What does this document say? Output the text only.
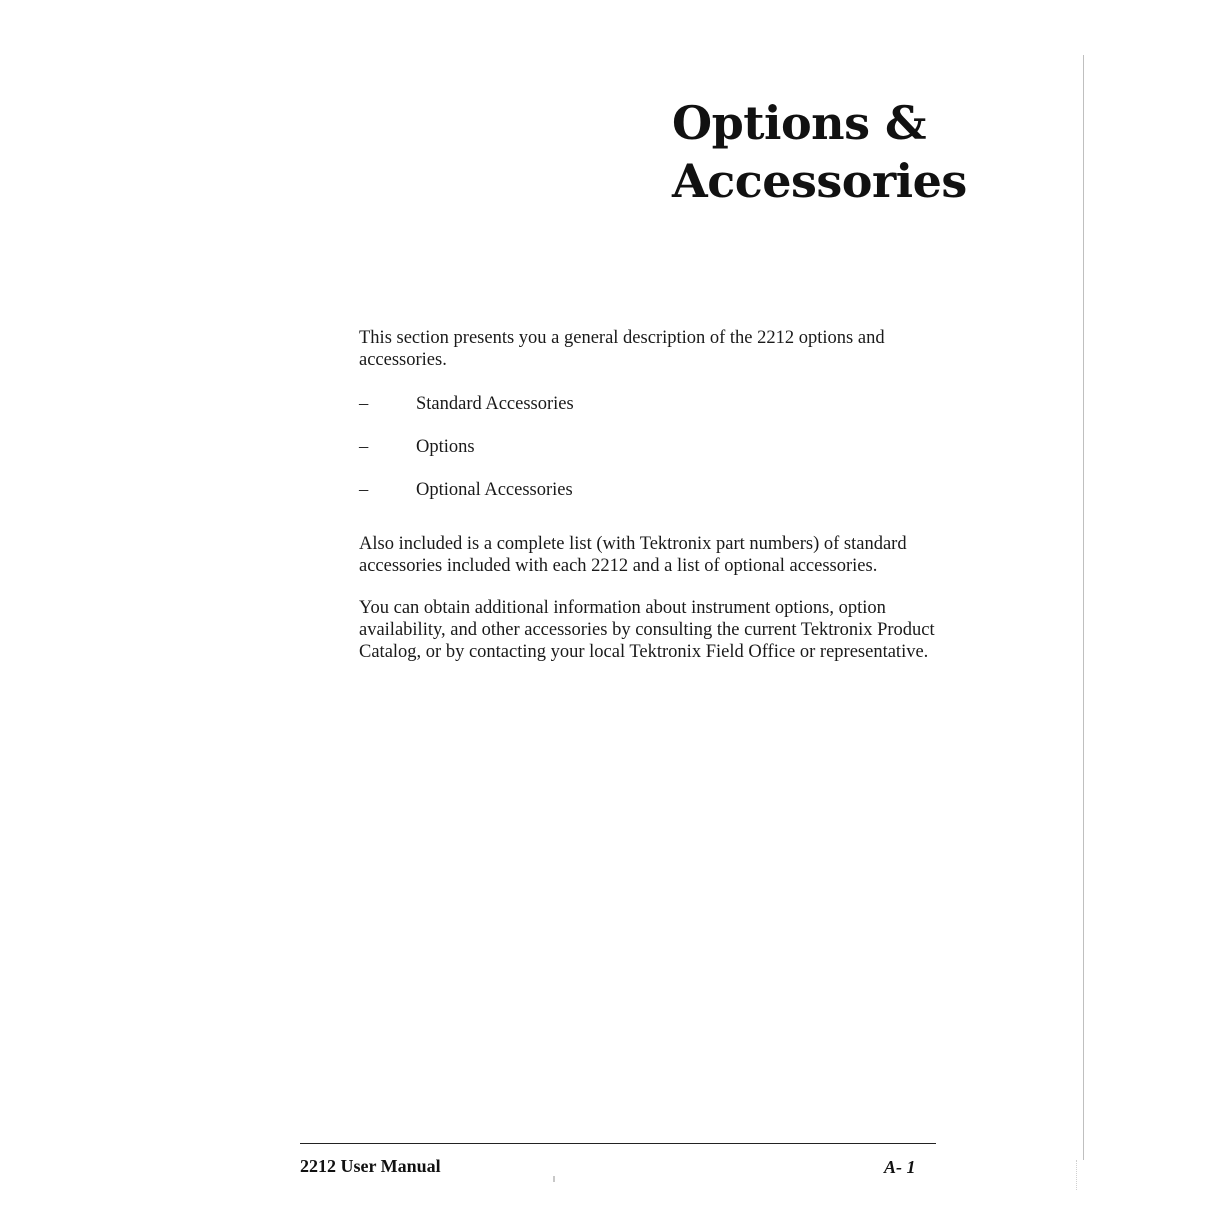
Options &
Accessories

This section presents you a general description of the 2212 options and accessories.

–	Standard Accessories
–	Options
–	Optional Accessories

Also included is a complete list (with Tektronix part numbers) of standard accessories included with each 2212 and a list of optional accessories.

You can obtain additional information about instrument options, option availability, and other accessories by consulting the current Tektronix Product Catalog, or by contacting your local Tektronix Field Office or representative.

2212 User Manual	A- 1
